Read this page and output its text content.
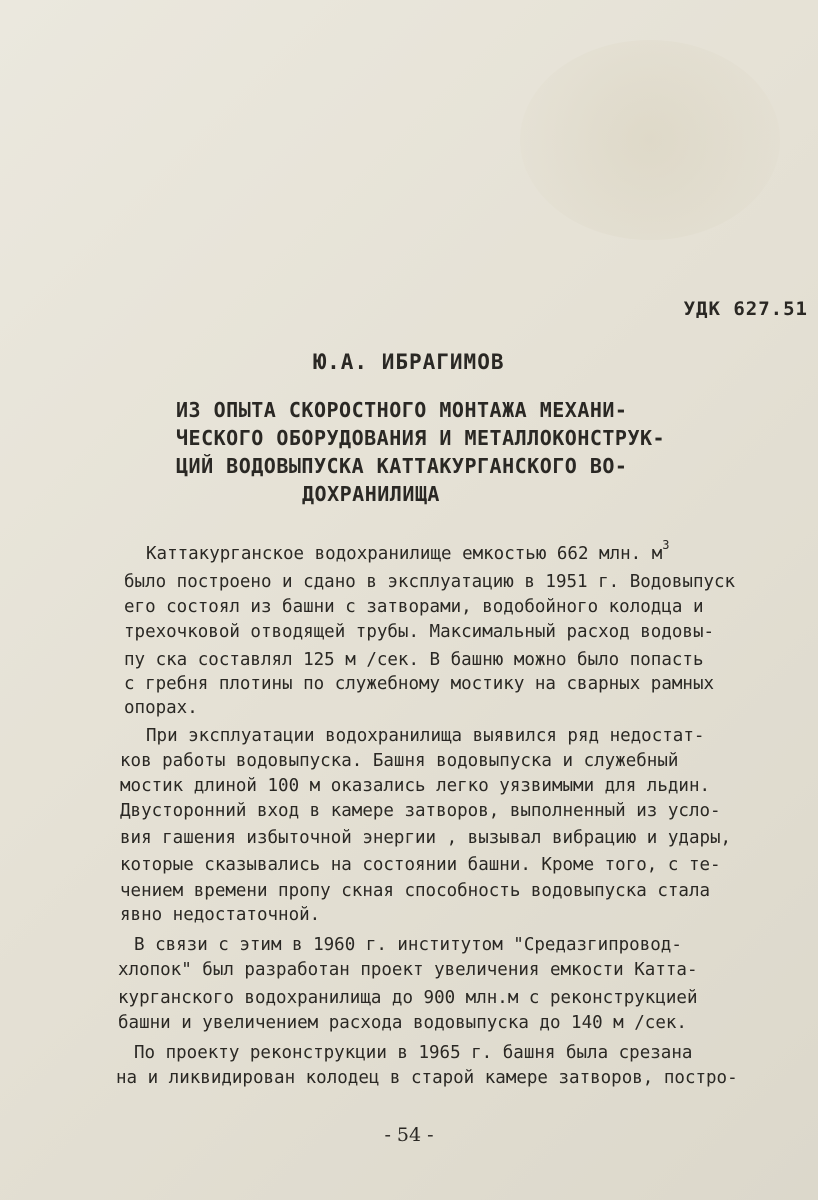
УДК 627.51
Ю.А. ИБРАГИМОВ
ИЗ ОПЫТА СКОРОСТНОГО МОНТАЖА МЕХАНИ-
ЧЕСКОГО ОБОРУДОВАНИЯ И МЕТАЛЛОКОНСТРУК-
ЦИЙ ВОДОВЫПУСКА КАТТАКУРГАНСКОГО ВО-
ДОХРАНИЛИЩА
Каттакурганское водохранилище емкостью 662 млн. $м^3$
было построено и сдано в эксплуатацию в 1951 г. Водовыпуск
его состоял из башни с затворами, водобойного колодца и
трехочковой отводящей трубы. Максимальный расход водовы-
пу ска составлял 125 м /сек. В башню можно было попасть
с гребня плотины по служебному мостику на сварных рамных
опорах.
При эксплуатации водохранилища выявился ряд недостат-
ков работы водовыпуска. Башня водовыпуска и служебный
мостик длиной 100 м оказались легко уязвимыми для льдин.
Двусторонний вход в камере затворов, выполненный из усло-
вия гашения избыточной энергии , вызывал вибрацию и удары,
которые сказывались на состоянии башни. Кроме того, с те-
чением времени пропу скная способность водовыпуска стала
явно недостаточной.
В связи с этим в 1960 г. институтом "Средазгипровод-
хлопок" был разработан проект увеличения емкости Катта-
курганского водохранилища до 900 млн.м с реконструкцией
башни и увеличением расхода водовыпуска до 140 м /сек.
По проекту реконструкции в 1965 г. башня была срезана
на и ликвидирован колодец в старой камере затворов, постро-
- 54 -
